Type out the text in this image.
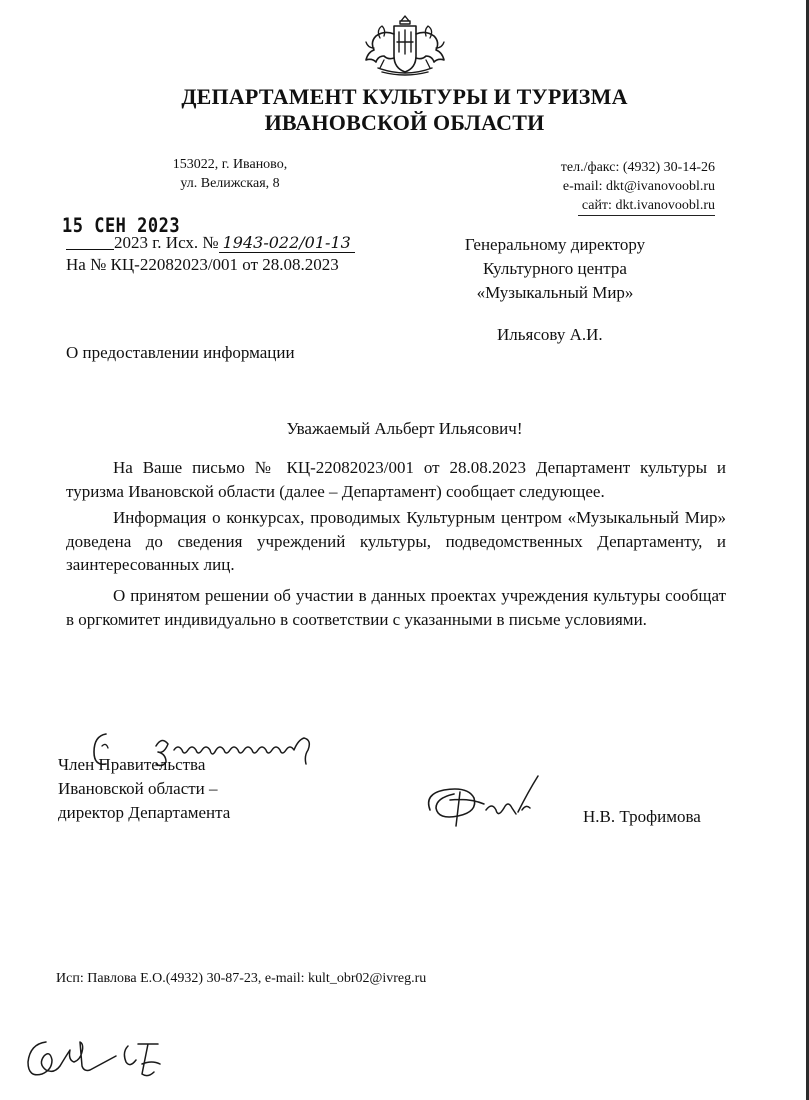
ДЕПАРТАМЕНТ КУЛЬТУРЫ И ТУРИЗМА
ИВАНОВСКОЙ ОБЛАСТИ
153022, г. Иваново,
ул. Велижская, 8
тел./факс: (4932) 30-14-26
e-mail: dkt@ivanovoobl.ru
сайт: dkt.ivanovoobl.ru
15 СЕН 2023
2023 г. Исх. № 1943-022/01-13
На № КЦ-22082023/001 от 28.08.2023
Генеральному директору
Культурного центра
«Музыкальный Мир»
Ильясову А.И.
О предоставлении информации
Уважаемый Альберт Ильясович!
На Ваше письмо № КЦ-22082023/001 от 28.08.2023 Департамент культуры и туризма Ивановской области (далее – Департамент) сообщает следующее.
Информация о конкурсах, проводимых Культурным центром «Музыкальный Мир» доведена до сведения учреждений культуры, подведомственных Департаменту, и заинтересованных лиц.
О принятом решении об участии в данных проектах учреждения культуры сообщат в оргкомитет индивидуально в соответствии с указанными в письме условиями.
Член Правительства
Ивановской области –
директор Департамента	Н.В. Трофимова
Исп: Павлова Е.О.(4932) 30-87-23, e-mail: kult_obr02@ivreg.ru
